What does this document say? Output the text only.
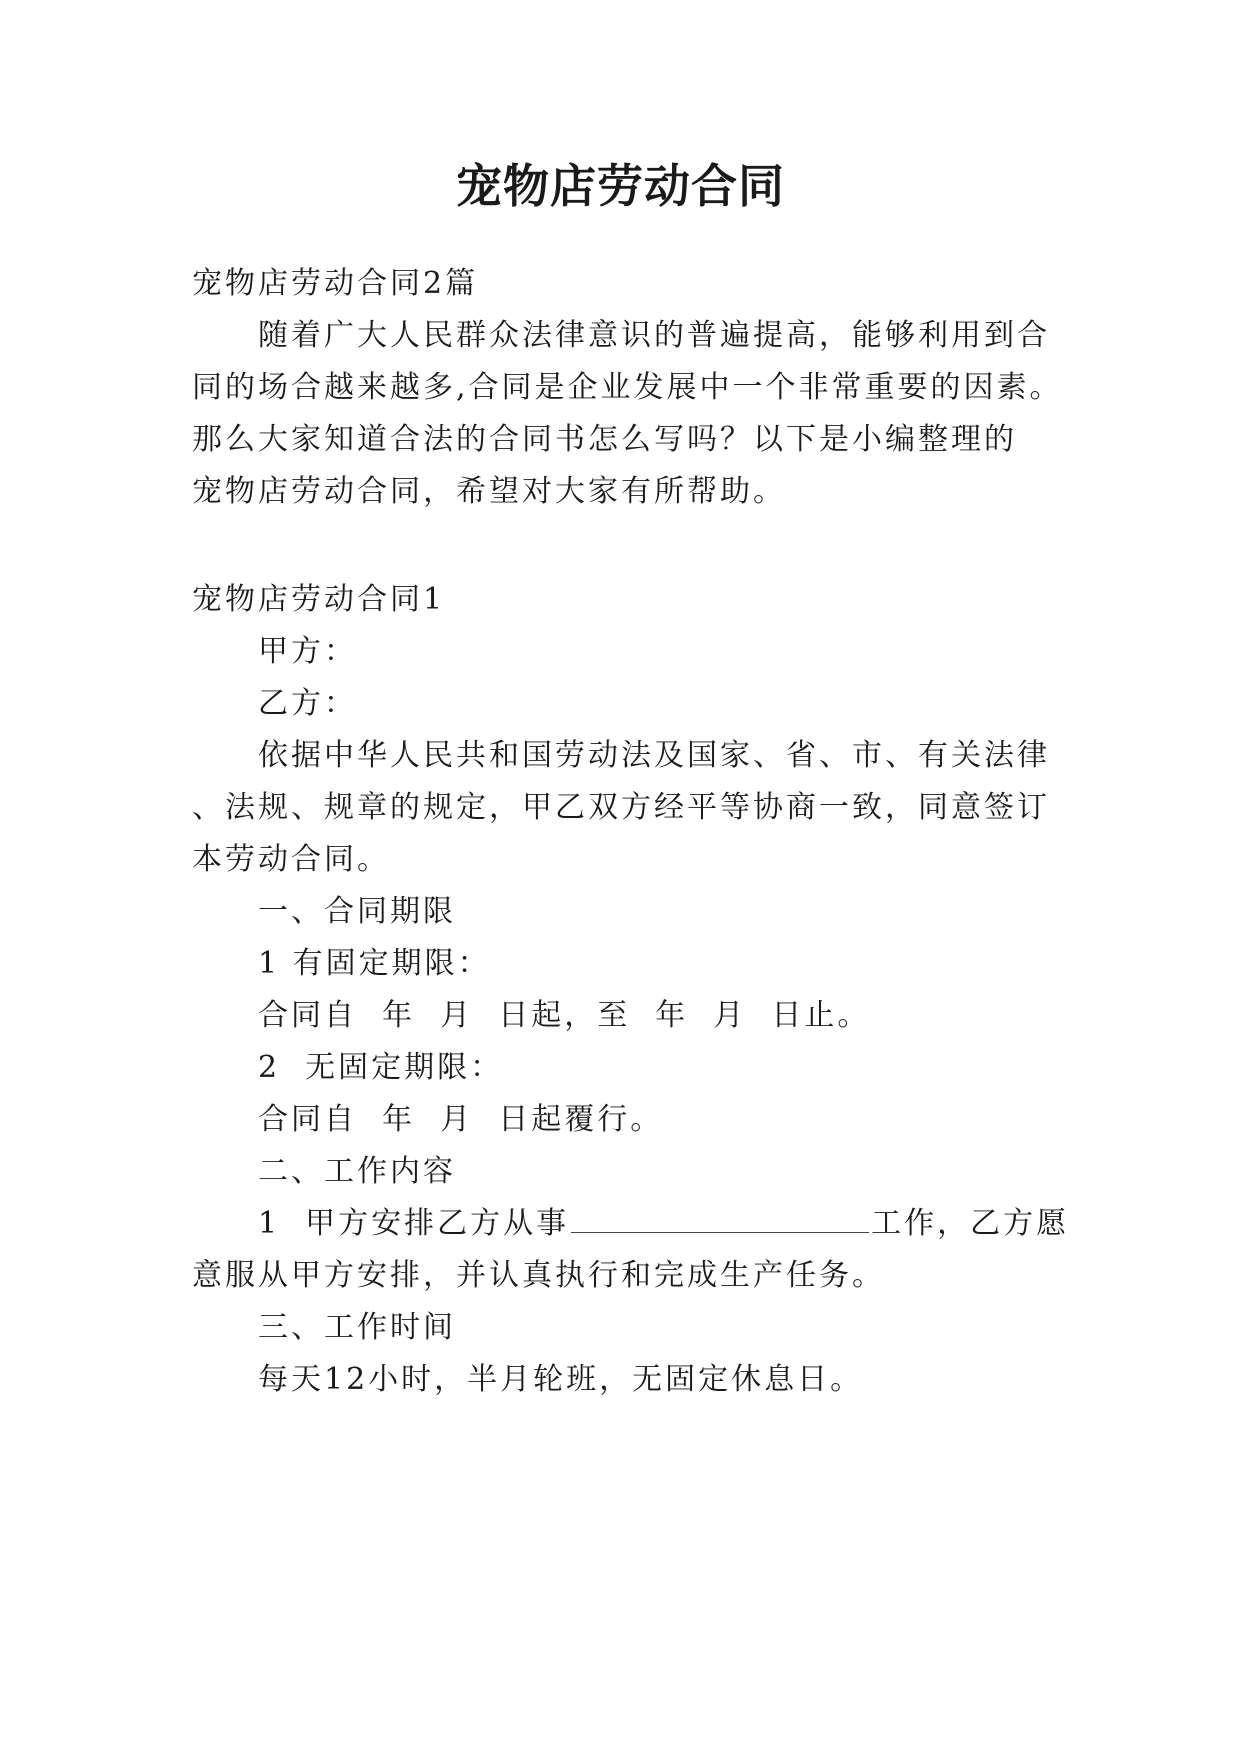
宠物店劳动合同

宠物店劳动合同2篇

随着广大人民群众法律意识的普遍提高，能够利用到合

同的场合越来越多,合同是企业发展中一个非常重要的因素。

那么大家知道合法的合同书怎么写吗？以下是小编整理的

宠物店劳动合同，希望对大家有所帮助。

宠物店劳动合同1

甲方：

乙方：

依据中华人民共和国劳动法及国家、省、市、有关法律

、法规、规章的规定，甲乙双方经平等协商一致，同意签订

本劳动合同。

一、合同期限

1 有固定期限：

合同自  年  月  日起，至  年  月  日止。

2  无固定期限：

合同自  年  月  日起覆行。

二、工作内容

1  甲方安排乙方从事	工作，乙方愿

意服从甲方安排，并认真执行和完成生产任务。

三、工作时间

每天12小时，半月轮班，无固定休息日。
